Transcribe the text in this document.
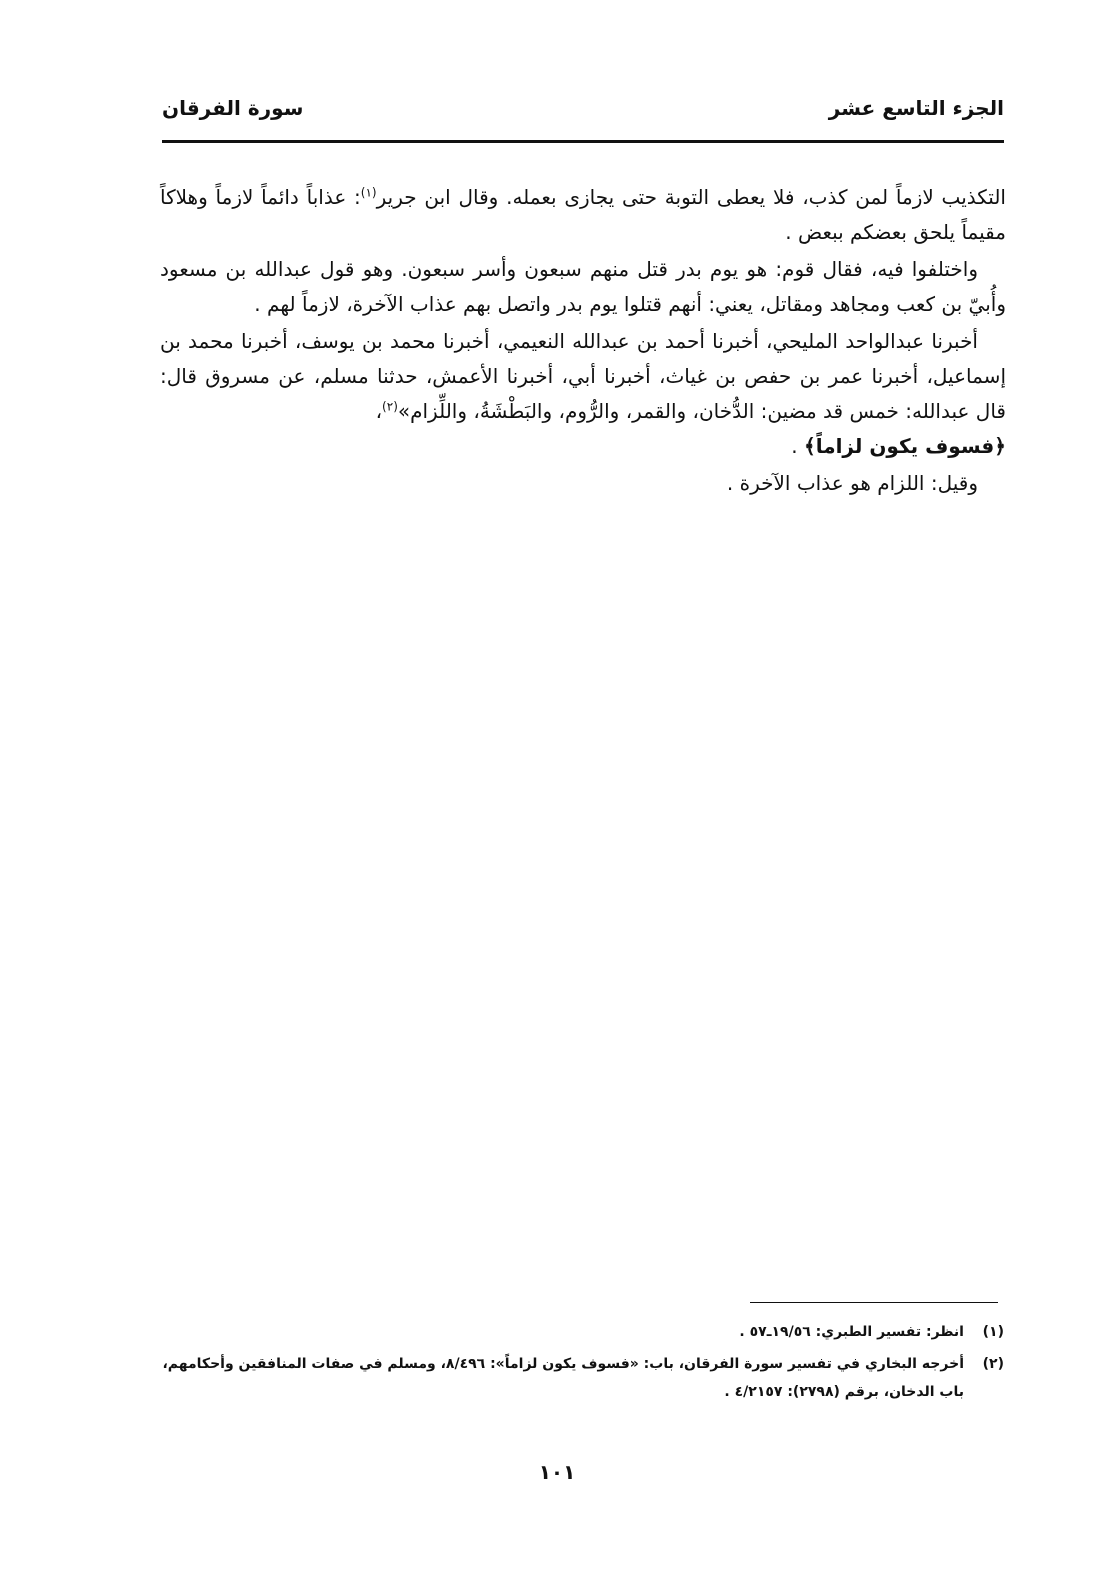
الجزء التاسع عشر
سورة الفرقان

التكذيب لازماً لمن كذب، فلا يعطى التوبة حتى يجازى بعمله. وقال ابن جرير$^{(١)}$: عذاباً دائماً لازماً وهلاكاً مقيماً يلحق بعضكم ببعض .

واختلفوا فيه، فقال قوم: هو يوم بدر قتل منهم سبعون وأسر سبعون. وهو قول عبدالله بن مسعود وأُبيّ بن كعب ومجاهد ومقاتل، يعني: أنهم قتلوا يوم بدر واتصل بهم عذاب الآخرة، لازماً لهم .

أخبرنا عبدالواحد المليحي، أخبرنا أحمد بن عبدالله النعيمي، أخبرنا محمد بن يوسف، أخبرنا محمد بن إسماعيل، أخبرنا عمر بن حفص بن غياث، أخبرنا أبي، أخبرنا الأعمش، حدثنا مسلم، عن مسروق قال: قال عبدالله: خمس قد مضين: الدُّخان، والقمر، والرُّوم، والبَطْشَةُ، واللِّزام»$^{(٢)}$،
﴿فسوف يكون لزاماً﴾ .

وقيل: اللزام هو عذاب الآخرة .

(١)
انظر: تفسير الطبري: ١٩/٥٦ـ٥٧ .
(٢)
أخرجه البخاري في تفسير سورة الفرقان، باب: «فسوف يكون لزاماً»: ٨/٤٩٦، ومسلم في صفات المنافقين وأحكامهم، باب الدخان، برقم (٢٧٩٨): ٤/٢١٥٧ .
١٠١
